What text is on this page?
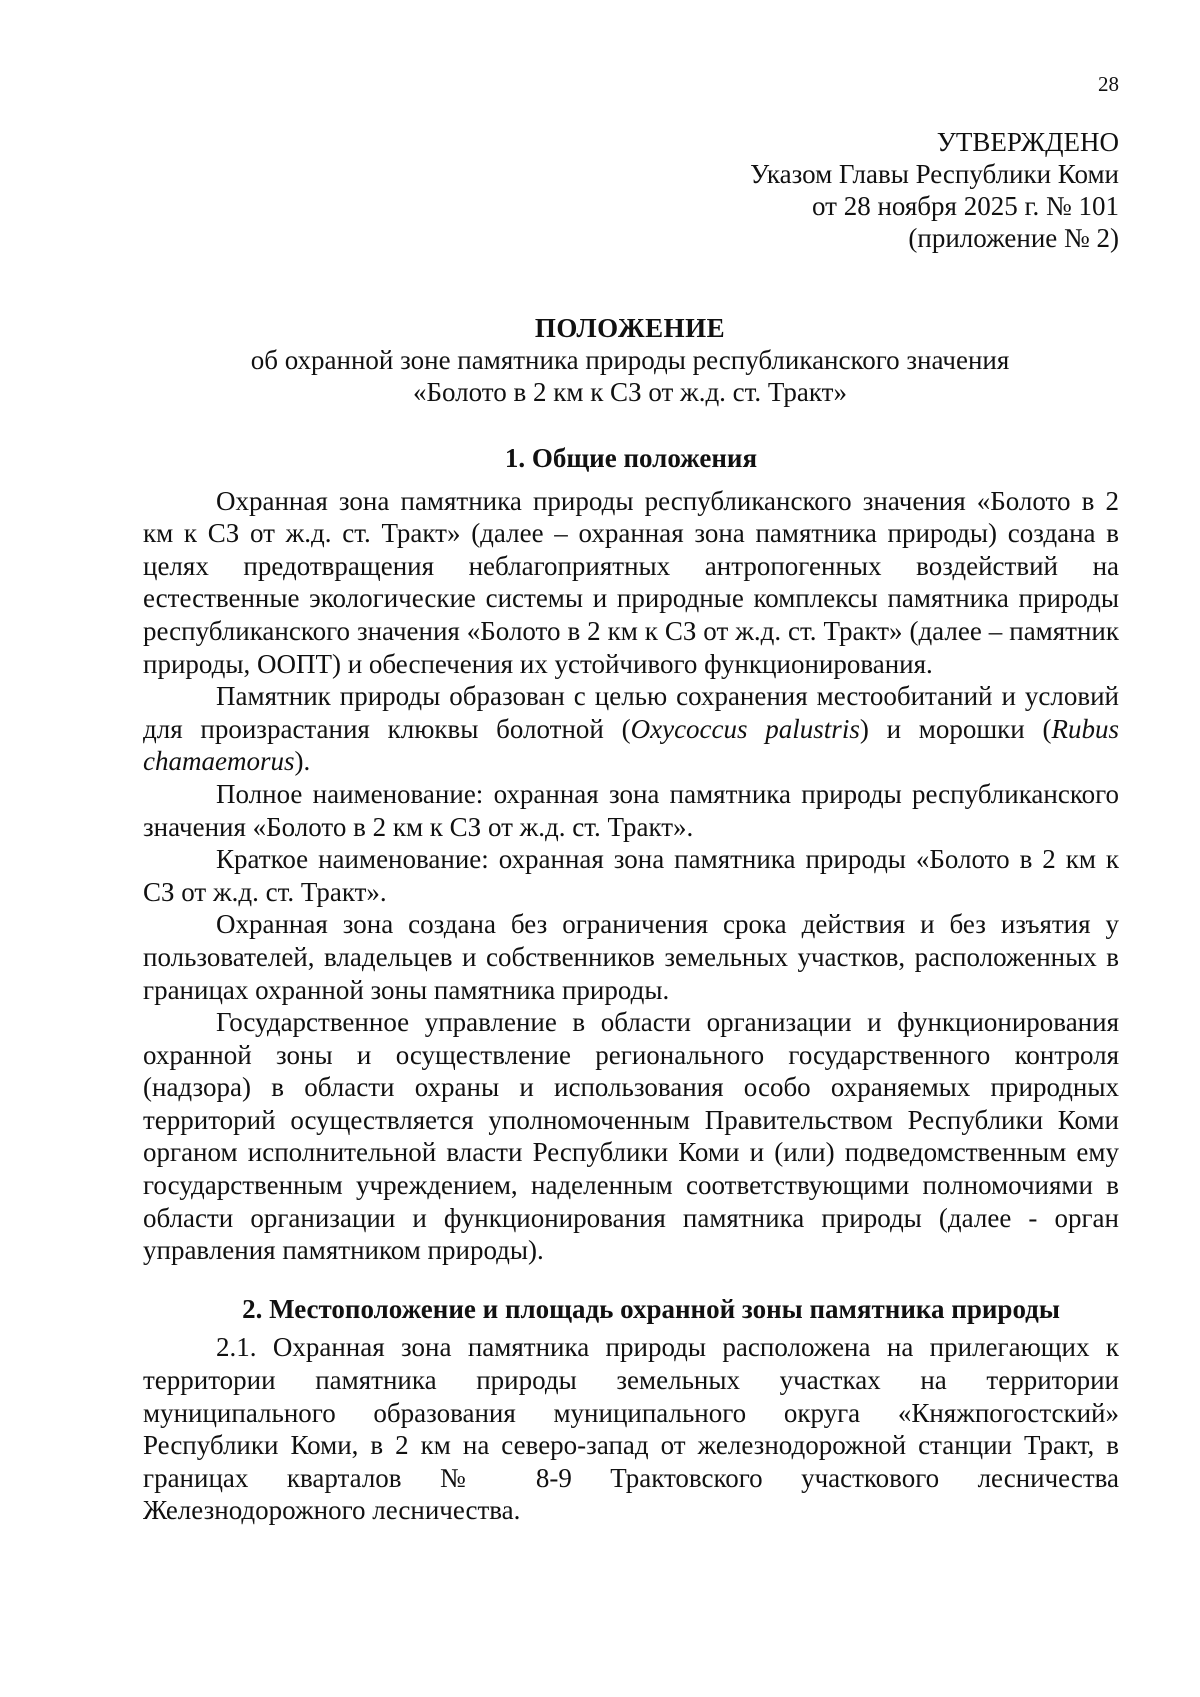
28
УТВЕРЖДЕНО
Указом Главы Республики Коми
от 28 ноября 2025 г. № 101
(приложение № 2)
ПОЛОЖЕНИЕ
об охранной зоне памятника природы республиканского значения
«Болото в 2 км к СЗ от ж.д. ст. Тракт»
1. Общие положения

Охранная зона памятника природы республиканского значения «Болото в 2 км к СЗ от ж.д. ст. Тракт» (далее – охранная зона памятника природы) создана в целях предотвращения неблагоприятных антропогенных воздействий на естественные экологические системы и природные комплексы памятника природы республиканского значения «Болото в 2 км к СЗ от ж.д. ст. Тракт» (далее – памятник природы, ООПТ) и обеспечения их устойчивого функционирования.

Памятник природы образован с целью сохранения местообитаний и условий для произрастания клюквы болотной (Oxycoccus palustris) и морошки (Rubus chamaemorus).

Полное наименование: охранная зона памятника природы республиканского значения «Болото в 2 км к СЗ от ж.д. ст. Тракт».

Краткое наименование: охранная зона памятника природы «Болото в 2 км к СЗ от ж.д. ст. Тракт».

Охранная зона создана без ограничения срока действия и без изъятия у пользователей, владельцев и собственников земельных участков, расположенных в границах охранной зоны памятника природы.

Государственное управление в области организации и функционирования охранной зоны и осуществление регионального государственного контроля (надзора) в области охраны и использования особо охраняемых природных территорий осуществляется уполномоченным Правительством Республики Коми органом исполнительной власти Республики Коми и (или) подведомственным ему государственным учреждением, наделенным соответствующими полномочиями в области организации и функционирования памятника природы (далее - орган управления памятником природы).

2. Местоположение и площадь охранной зоны памятника природы

2.1. Охранная зона памятника природы расположена на прилегающих к территории памятника природы земельных участках на территории муниципального образования муниципального округа «Княжпогостский» Республики Коми, в 2 км на северо-запад от железнодорожной станции Тракт, в границах кварталов № 8-9 Трактовского участкового лесничества Железнодорожного лесничества.
